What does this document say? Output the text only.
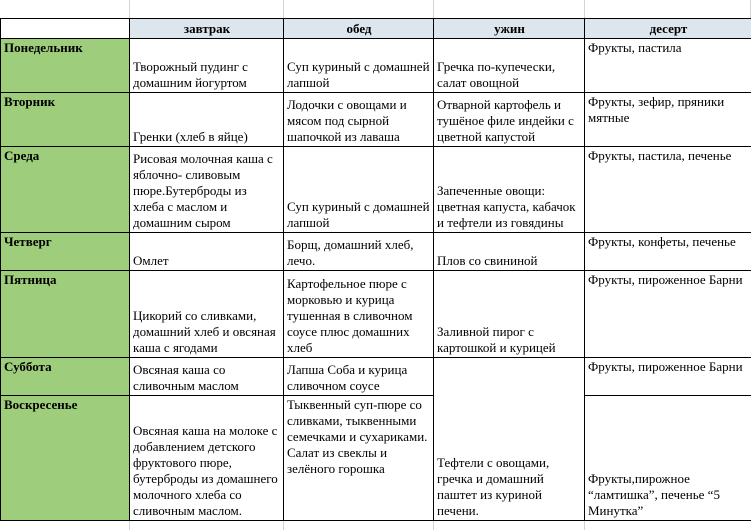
	завтрак	обед	ужин	десерт
Понедельник	Творожный пудинг с домашним йогуртом	Суп куриный с домашней лапшой	Гречка по-купечески, салат овощной	Фрукты, пастила
Вторник	Гренки (хлеб в яйце)	Лодочки с овощами и мясом под сырной шапочкой из лаваша	Отварной картофель и тушёное филе индейки с цветной капустой	Фрукты, зефир, пряники мятные
Среда	Рисовая молочная каша с яблочно- сливовым пюре.Бутерброды из хлеба с маслом и домашним сыром	Суп куриный с домашней лапшой	Запеченные овощи: цветная капуста, кабачок и тефтели из говядины	Фрукты, пастила, печенье
Четверг	Омлет	Борщ, домашний хлеб, лечо.	Плов со свининой	Фрукты, конфеты, печенье
Пятница	Цикорий со сливками, домашний хлеб и овсяная каша с ягодами	Картофельное пюре с морковью и курица тушенная в сливочном соусе плюс домашних хлеб	Заливной пирог с картошкой и курицей	Фрукты, пироженное Барни
Суббота	Овсяная каша со сливочным маслом	Лапша Соба и курица сливочном соусе	Тефтели с овощами, гречка и домашний паштет из куриной печени.	Фрукты, пироженное Барни
Воскресенье	Овсяная каша на молоке с добавлением детского фруктового пюре, бутерброды из домашнего молочного хлеба со сливочным маслом.	Тыквенный суп-пюре со сливками, тыквенными семечками и сухариками. Салат из свеклы и зелёного горошка		Фрукты,пирожное “ламтишка”, печенье “5 Минутка”
